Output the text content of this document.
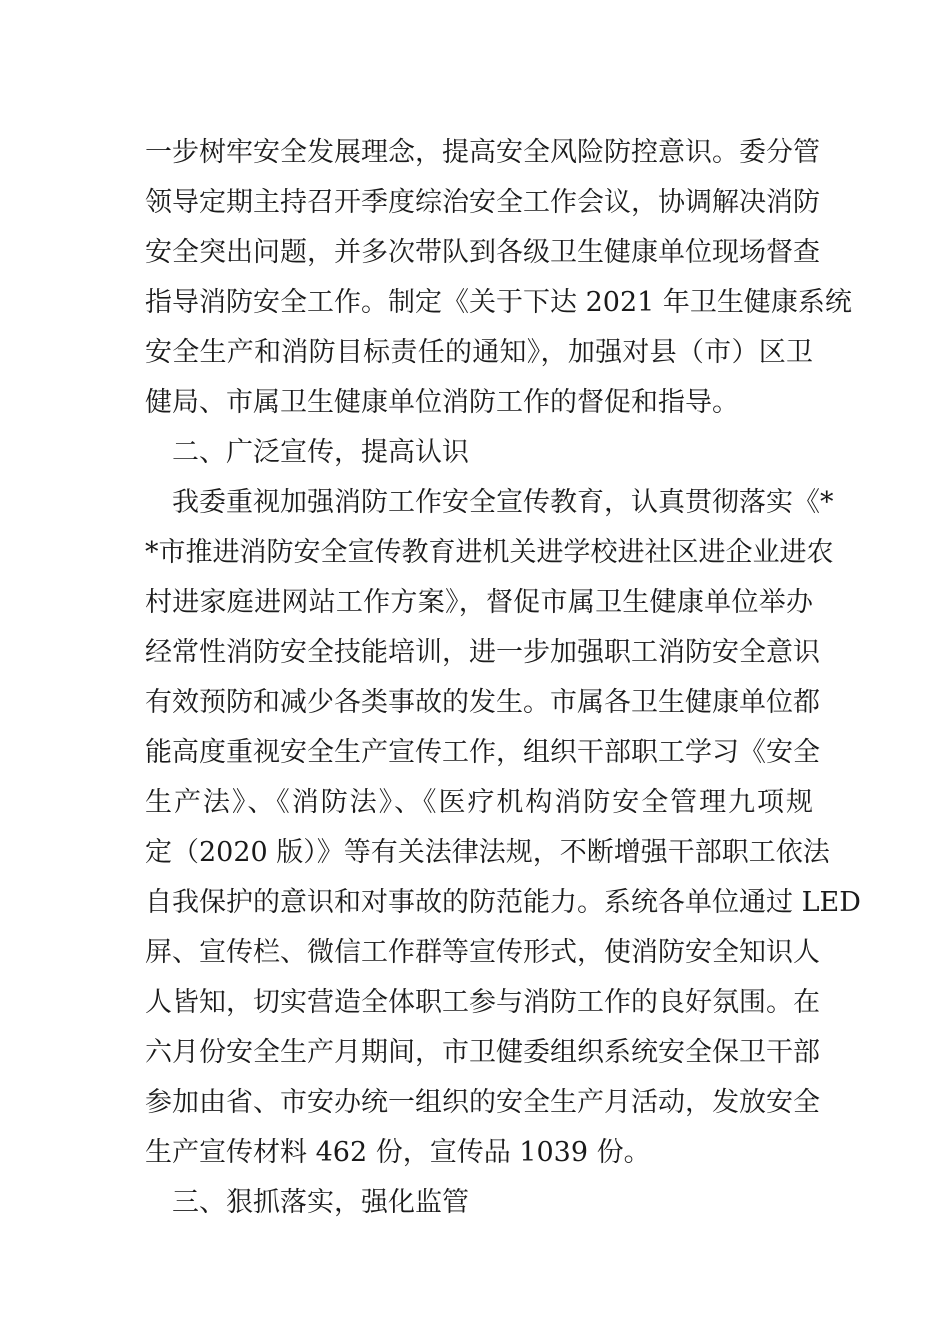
一步树牢安全发展理念，提高安全风险防控意识。委分管
领导定期主持召开季度综治安全工作会议，协调解决消防
安全突出问题，并多次带队到各级卫生健康单位现场督查
指导消防安全工作。制定《关于下达 2021 年卫生健康系统
安全生产和消防目标责任的通知》，加强对县（市）区卫
健局、市属卫生健康单位消防工作的督促和指导。
二、广泛宣传，提高认识
我委重视加强消防工作安全宣传教育，认真贯彻落实《*
*市推进消防安全宣传教育进机关进学校进社区进企业进农
村进家庭进网站工作方案》，督促市属卫生健康单位举办
经常性消防安全技能培训，进一步加强职工消防安全意识
有效预防和减少各类事故的发生。市属各卫生健康单位都
能高度重视安全生产宣传工作，组织干部职工学习《安全
生产法》、《消防法》、《医疗机构消防安全管理九项规
定（2020 版）》等有关法律法规，不断增强干部职工依法
自我保护的意识和对事故的防范能力。系统各单位通过 LED
屏、宣传栏、微信工作群等宣传形式，使消防安全知识人
人皆知，切实营造全体职工参与消防工作的良好氛围。在
六月份安全生产月期间，市卫健委组织系统安全保卫干部
参加由省、市安办统一组织的安全生产月活动，发放安全
生产宣传材料 462 份，宣传品 1039 份。
三、狠抓落实，强化监管
